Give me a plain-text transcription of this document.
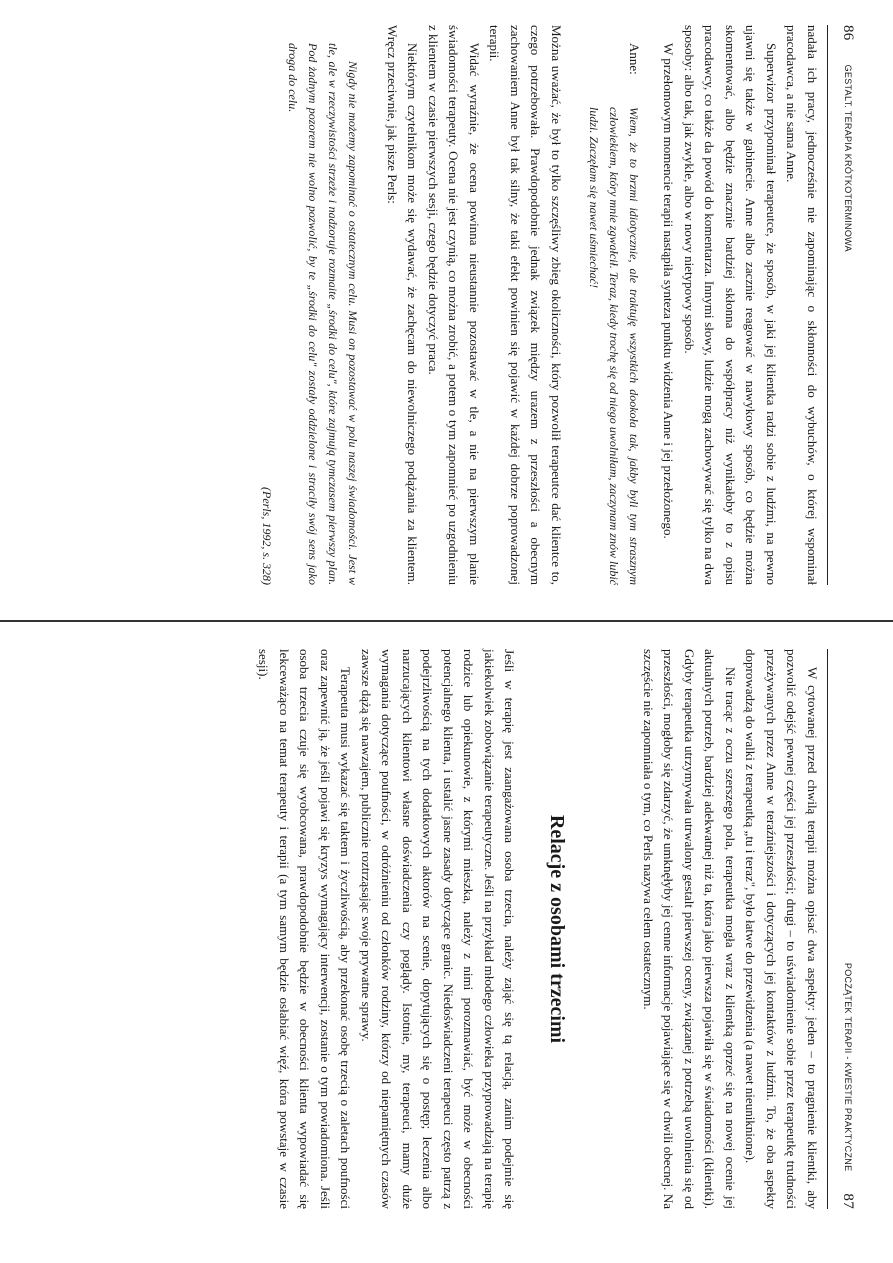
86
GESTALT. TERAPIA KRÓTKOTERMINOWA

nadała ich pracy, jednocześnie nie zapominając o skłonności do wybuchów, o której wspominał pracodawca, a nie sama Anne.

Superwizor przypominał terapeutce, że sposób, w jaki jej klientka radzi sobie z ludźmi, na pewno ujawni się także w gabinecie. Anne albo zacznie reagować w nawykowy sposób, co będzie można skomentować, albo będzie znacznie bardziej skłonna do współpracy niż wynikałoby to z opisu pracodawcy, co także da powód do komentarza. Innymi słowy, ludzie mogą zachowywać się tylko na dwa sposoby: albo tak, jak zwykle, albo w nowy nietypowy sposób.

W przełomowym momencie terapii nastąpiła synteza punktu widzenia Anne i jej przełożonego.

Anne:
Wiem, że to brzmi idiotycznie, ale traktuję wszystkich dookoła tak, jakby byli tym strasznym człowiekiem, który mnie zgwałcił. Teraz, kiedy trochę się od niego uwolniłam, zaczynam znów lubić ludzi. Zaczęłam się nawet uśmiechać!

Można uważać, że był to tylko szczęśliwy zbieg okoliczności, który pozwolił terapeutce dać klientce to, czego potrzebowała. Prawdopodobnie jednak związek między urazem z przeszłości a obecnym zachowaniem Anne był tak silny, że taki efekt powinien się pojawić w każdej dobrze poprowadzonej terapii.

Widać wyraźnie, że ocena powinna nieustannie pozostawać w tle, a nie na pierwszym planie świadomości terapeuty. Ocena nie jest czynią, co można zrobić, a potem o tym zapomnieć po uzgodnieniu z klientem w czasie pierwszych sesji, czego będzie dotyczyć praca.

Niektórym czytelnikom może się wydawać, że zachęcam do niewolniczego podążania za klientem. Wręcz przeciwnie, jak pisze Perls:

Nigdy nie możemy zapominać o ostatecznym celu. Musi on pozostawać w polu naszej świadomości. Jest w tle, ale w rzeczywistości strzeże i nadzoruje rozmaite „środki do celu", które zajmują tymczasem pierwszy plan. Pod żadnym pozorem nie wolno pozwolić, by te „środki do celu" zostały oddzielone i straciły swój sens jako droga do celu.

(Perls, 1992, s. 328)
POCZĄTEK TERAPII - KWESTIE PRAKTYCZNE
87

W cytowanej przed chwilą terapii można opisać dwa aspekty: jeden – to pragnienie klientki, aby pozwolić odejść pewnej części jej przeszłości; drugi – to uświadomienie sobie przez terapeutkę trudności przeżywanych przez Anne w teraźniejszości i dotyczących jej kontaktów z ludźmi. To, że oba aspekty doprowadzą do walki z terapeutką „tu i teraz", było łatwe do przewidzenia (a nawet nieuniknione).

Nie tracąc z oczu szerszego pola, terapeutka mogła wraz z klientką oprzeć się na nowej ocenie jej aktualnych potrzeb, bardziej adekwatnej niż ta, która jako pierwsza pojawiła się w świadomości (klientki). Gdyby terapeutka utrzymywała utrwalony gestalt pierwszej oceny, związanej z potrzebą uwolnienia się od przeszłości, mogłoby się zdarzyć, że umknęłyby jej cenne informacje pojawiające się w chwili obecnej. Na szczęście nie zapomniała o tym, co Perls nazywa celem ostatecznym.

Relacje z osobami trzecimi

Jeśli w terapię jest zaangażowana osoba trzecia, należy zająć się tą relacją, zanim podejmie się jakiekolwiek zobowiązanie terapeutyczne. Jeśli na przykład młodego człowieka przyprowadzają na terapię rodzice lub opiekunowie, z którymi mieszka, należy z nimi porozmawiać, być może w obecności potencjalnego klienta, i ustalić jasne zasady dotyczące granic. Niedoświadczeni terapeuci często patrzą z podejrzliwością na tych dodatkowych aktorów na scenie, dopytujących się o postęp; leczenia albo narzucających klientowi własne doświadczenia czy poglądy. Istotnie, my, terapeuci, mamy duże wymagania dotyczące poufności, w odróżnieniu od członków rodziny, którzy od niepamiętnych czasów zawsze dążą się nawzajem, publicznie roztrząsając swoje prywatne sprawy.

Terapeuta musi wykazać się taktem i życzliwością, aby przekonać osobę trzecią o zaletach poufności oraz zapewnić ją, że jeśli pojawi się kryzys wymagający interwencji, zostanie o tym powiadomiona. Jeśli osoba trzecia czuje się wyobcowana, prawdopodobnie będzie w obecności klienta wypowiadać się lekceważąco na temat terapeuty i terapii (a tym samym będzie osłabiać więź, która powstaje w czasie sesji).
